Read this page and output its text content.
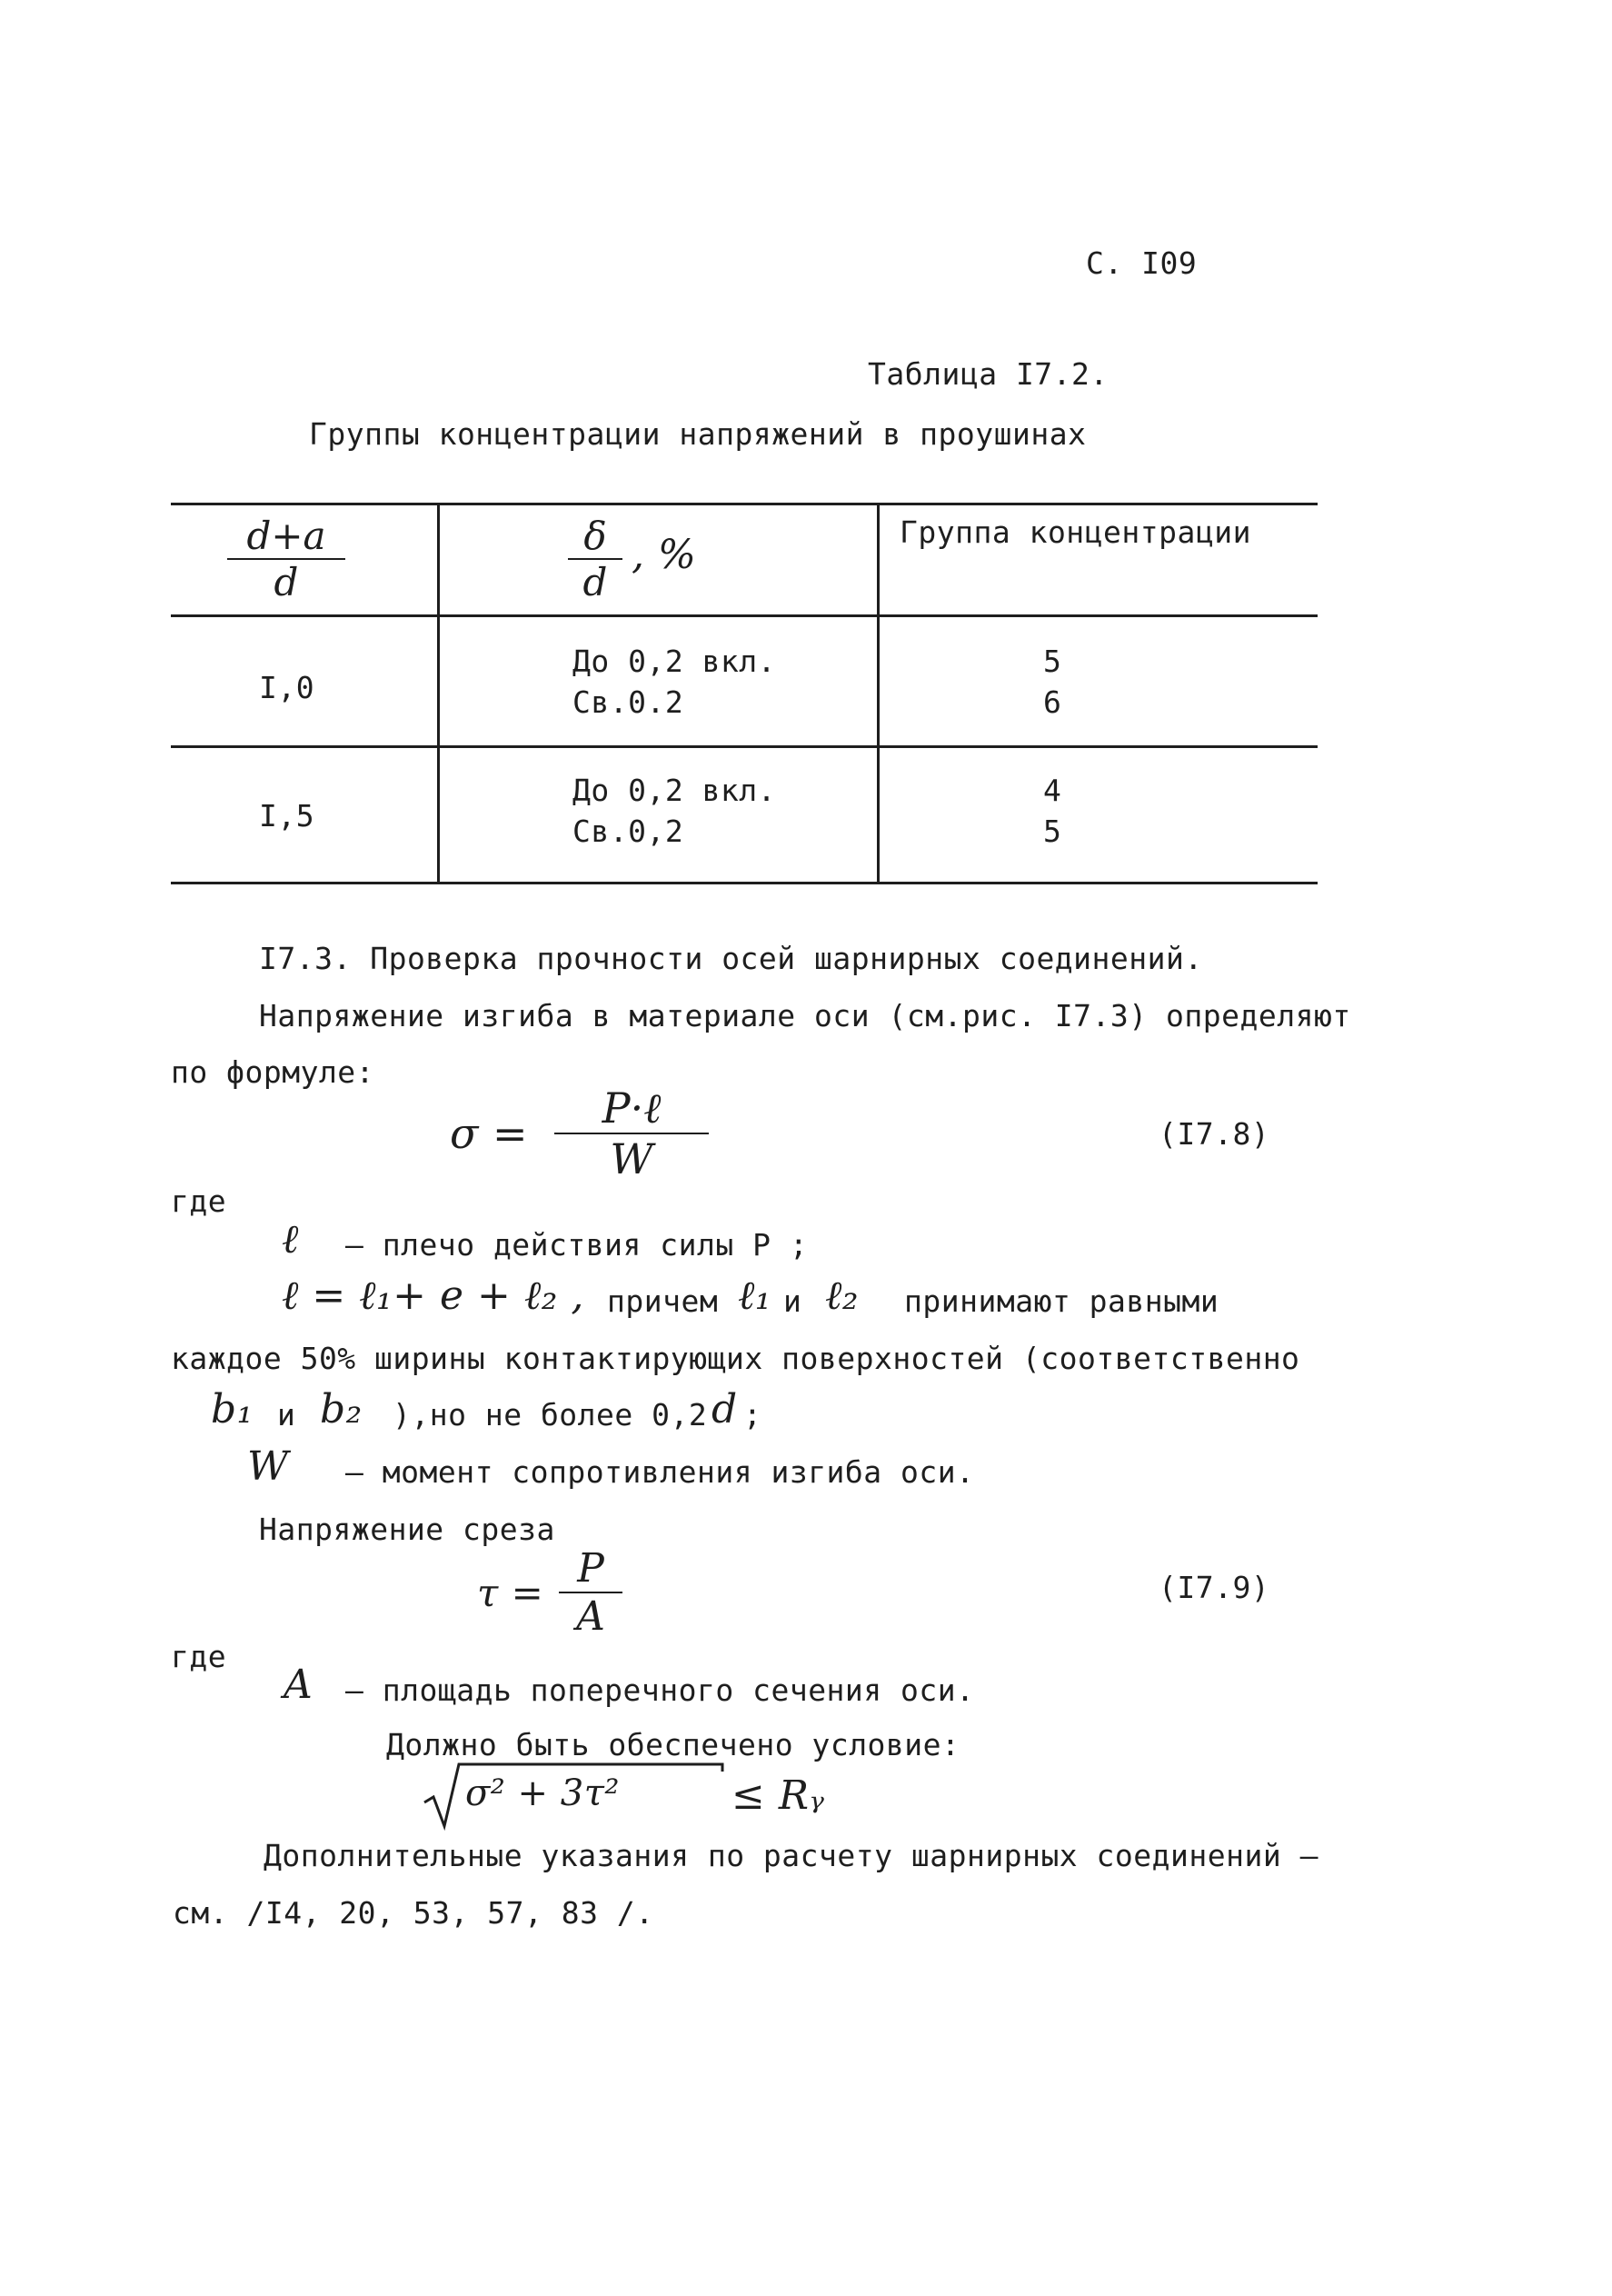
С. I09
Таблица I7.2.
Группы концентрации напряжений в проушинах
d+a
d
δ
d
, %	Группа концентрации
I,0
До 0,2 вкл.
Св.0.2
5
6
I,5
До 0,2 вкл.
Св.0,2
4
5
I7.3. Проверка прочности осей шарнирных соединений.
Напряжение изгиба в материале оси (см.рис. I7.3) определяют
по формуле:
σ =
P·ℓ
W
(I7.8)
где
ℓ – плечо действия силы Р ;
ℓ = ℓ₁+ e + ℓ₂ , причем ℓ₁ и ℓ₂ принимают равными
каждое 50% ширины контактирующих поверхностей (соответственно
b₁ и b₂ ),но не более 0,2 d ;
W – момент сопротивления изгиба оси.
Напряжение среза
τ =
P
A
(I7.9)
где
A – площадь поперечного сечения оси.
Должно быть обеспечено условие:
σ² + 3τ²	≤ Rᵧ
Дополнительные указания по расчету шарнирных соединений –
см. /I4, 20, 53, 57, 83 /.
